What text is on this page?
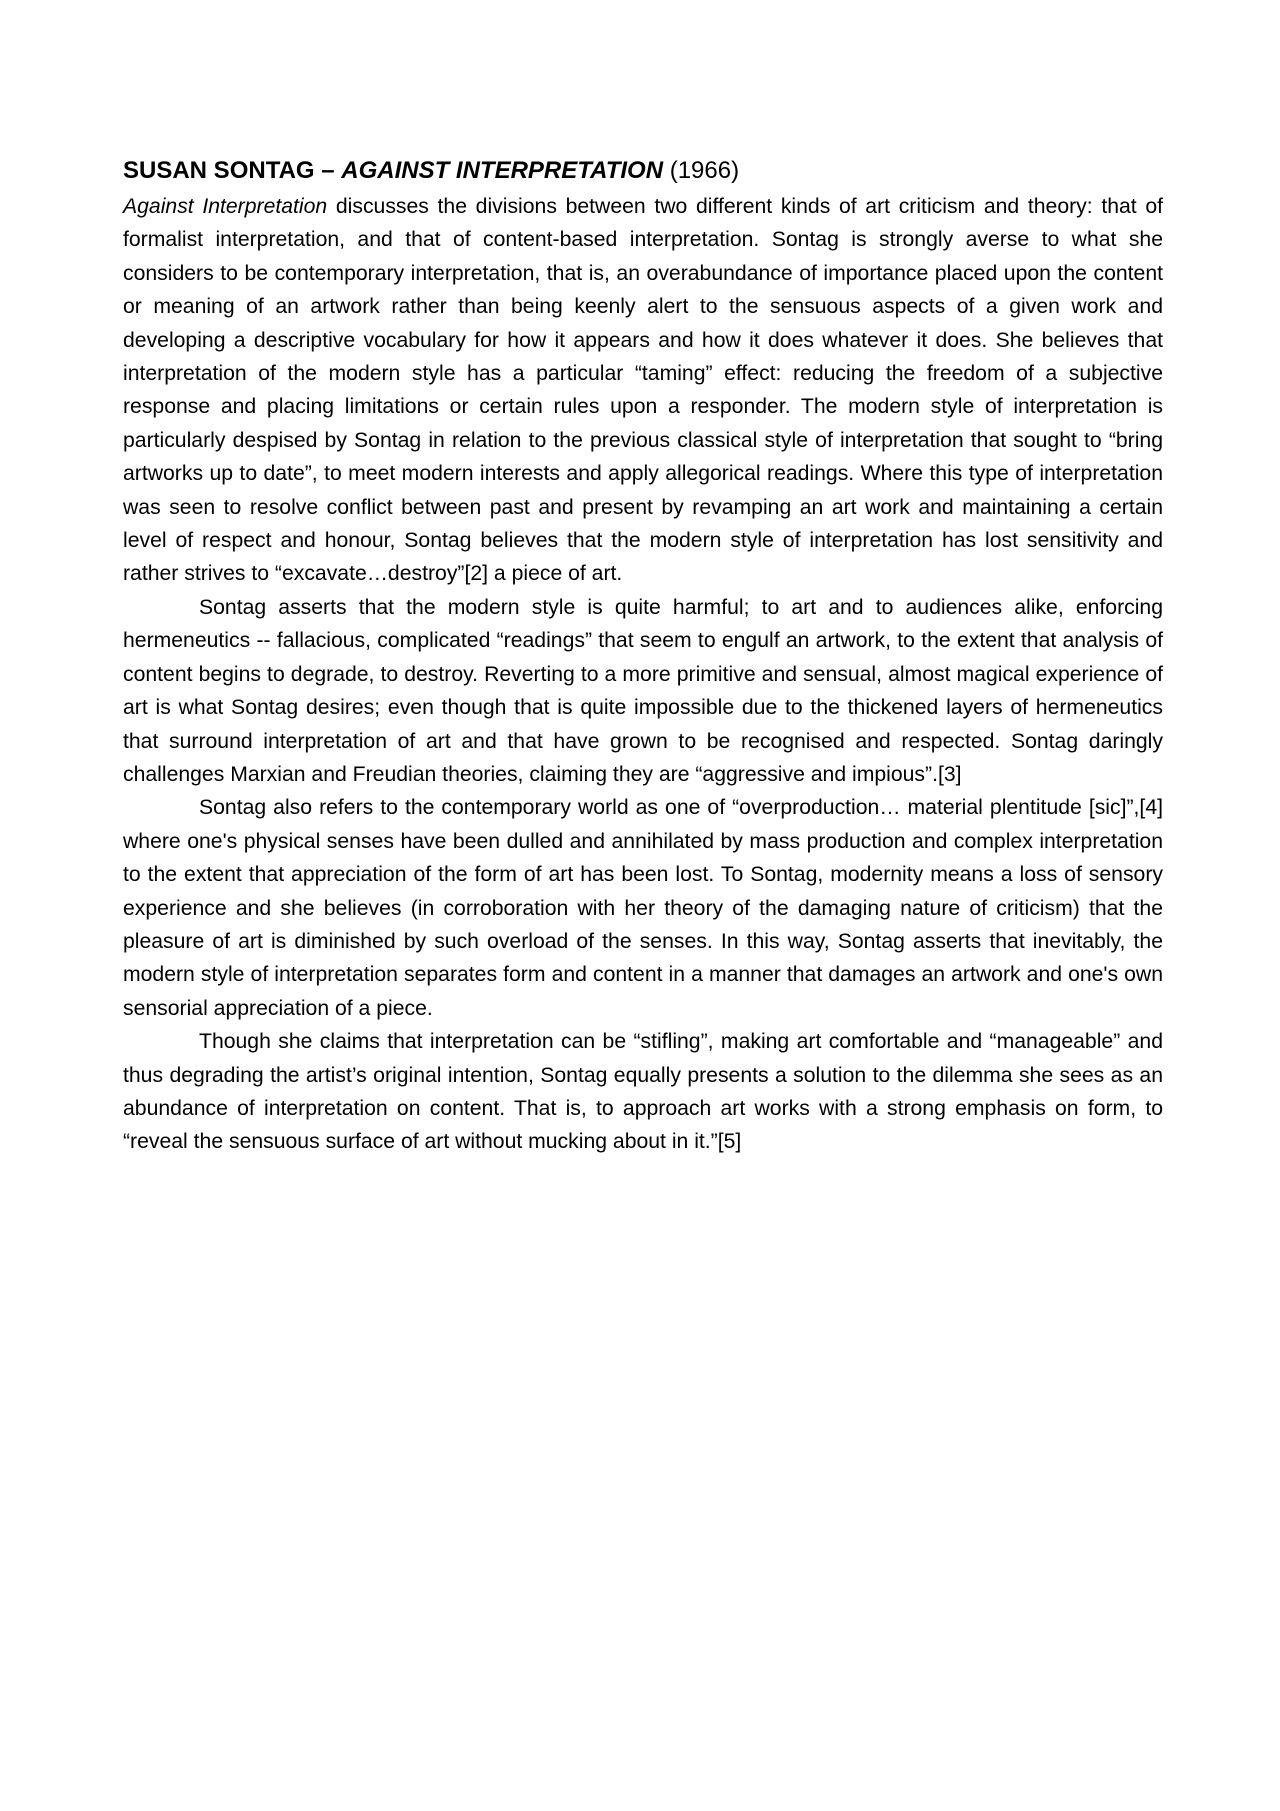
SUSAN SONTAG – AGAINST INTERPRETATION (1966)

Against Interpretation discusses the divisions between two different kinds of art criticism and theory: that of formalist interpretation, and that of content-based interpretation. Sontag is strongly averse to what she considers to be contemporary interpretation, that is, an overabundance of importance placed upon the content or meaning of an artwork rather than being keenly alert to the sensuous aspects of a given work and developing a descriptive vocabulary for how it appears and how it does whatever it does. She believes that interpretation of the modern style has a particular “taming” effect: reducing the freedom of a subjective response and placing limitations or certain rules upon a responder. The modern style of interpretation is particularly despised by Sontag in relation to the previous classical style of interpretation that sought to “bring artworks up to date”, to meet modern interests and apply allegorical readings. Where this type of interpretation was seen to resolve conflict between past and present by revamping an art work and maintaining a certain level of respect and honour, Sontag believes that the modern style of interpretation has lost sensitivity and rather strives to “excavate…destroy”[2] a piece of art.

Sontag asserts that the modern style is quite harmful; to art and to audiences alike, enforcing hermeneutics -- fallacious, complicated “readings” that seem to engulf an artwork, to the extent that analysis of content begins to degrade, to destroy. Reverting to a more primitive and sensual, almost magical experience of art is what Sontag desires; even though that is quite impossible due to the thickened layers of hermeneutics that surround interpretation of art and that have grown to be recognised and respected. Sontag daringly challenges Marxian and Freudian theories, claiming they are “aggressive and impious”.[3]

Sontag also refers to the contemporary world as one of “overproduction… material plentitude [sic]”,[4] where one's physical senses have been dulled and annihilated by mass production and complex interpretation to the extent that appreciation of the form of art has been lost. To Sontag, modernity means a loss of sensory experience and she believes (in corroboration with her theory of the damaging nature of criticism) that the pleasure of art is diminished by such overload of the senses. In this way, Sontag asserts that inevitably, the modern style of interpretation separates form and content in a manner that damages an artwork and one's own sensorial appreciation of a piece.

Though she claims that interpretation can be “stifling”, making art comfortable and “manageable” and thus degrading the artist’s original intention, Sontag equally presents a solution to the dilemma she sees as an abundance of interpretation on content. That is, to approach art works with a strong emphasis on form, to “reveal the sensuous surface of art without mucking about in it.”[5]
